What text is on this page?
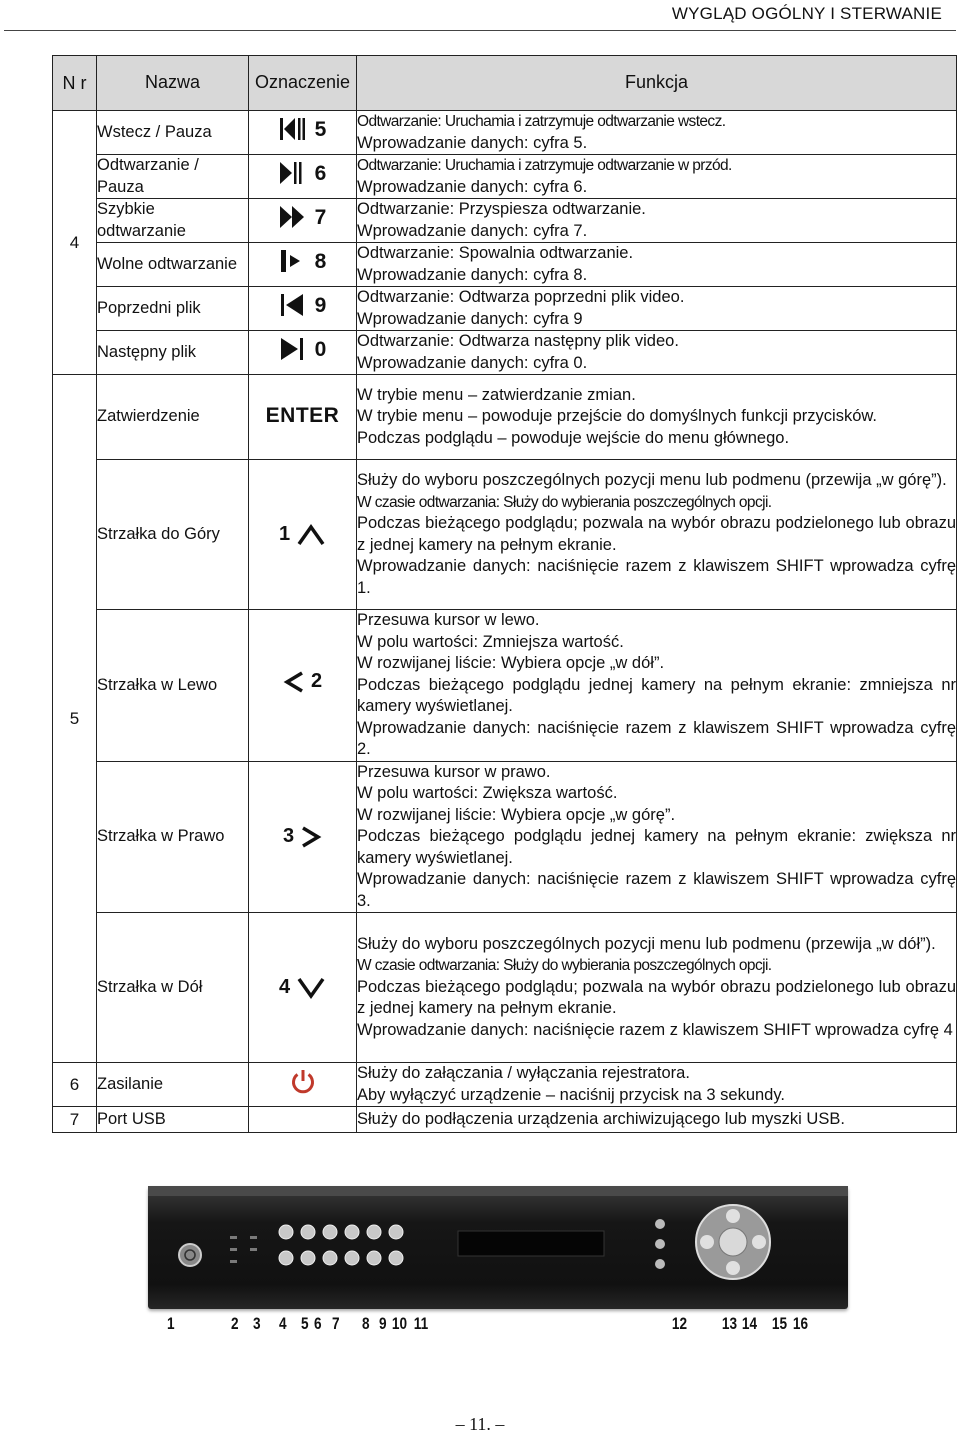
WYGLĄD OGÓLNY I STERWANIE
N r	Nazwa	Oznaczenie	Funkcja
4	Wstecz / Pauza	5	Odtwarzanie: Uruchamia i zatrzymuje odtwarzanie wstecz.
Wprowadzanie danych: cyfra 5.

	Odtwarzanie / Pauza	6	Odtwarzanie: Uruchamia i zatrzymuje odtwarzanie w przód.
Wprowadzanie danych: cyfra 6.

	Szybkie odtwarzanie	7	Odtwarzanie: Przyspiesza odtwarzanie.
Wprowadzanie danych: cyfra 7.

	Wolne odtwarzanie	8	Odtwarzanie: Spowalnia odtwarzanie.
Wprowadzanie danych: cyfra 8.

	Poprzedni plik	9	Odtwarzanie: Odtwarza poprzedni plik video.
Wprowadzanie danych: cyfra 9

	Następny plik	0	Odtwarzanie: Odtwarza następny plik video.
Wprowadzanie danych: cyfra 0.

5	Zatwierdzenie	ENTER	W trybie menu – zatwierdzanie zmian.
W trybie menu – powoduje przejście do domyślnych funkcji przycisków.
Podczas podglądu – powoduje wejście do menu głównego.

	Strzałka do Góry	1	Służy do wyboru poszczególnych pozycji menu lub podmenu (przewija „w górę”).
W czasie odtwarzania: Służy do wybierania poszczególnych opcji.
Podczas bieżącego podglądu; pozwala na wybór obrazu podzielonego lub obrazu z jednej kamery na pełnym ekranie.
Wprowadzanie danych: naciśnięcie razem z klawiszem SHIFT wprowadza cyfrę 1.

	Strzałka w Lewo	2	Przesuwa kursor w lewo.
W polu wartości: Zmniejsza wartość.
W rozwijanej liście: Wybiera opcje „w dół”.
Podczas bieżącego podglądu jednej kamery na pełnym ekranie: zmniejsza nr kamery wyświetlanej.
Wprowadzanie danych: naciśnięcie razem z klawiszem SHIFT wprowadza cyfrę 2.

	Strzałka w Prawo	3	Przesuwa kursor w prawo.
W polu wartości: Zwiększa wartość.
W rozwijanej liście: Wybiera opcje „w górę”.
Podczas bieżącego podglądu jednej kamery na pełnym ekranie: zwiększa nr kamery wyświetlanej.
Wprowadzanie danych: naciśnięcie razem z klawiszem SHIFT wprowadza cyfrę 3.

	Strzałka w Dół	4	Służy do wyboru poszczególnych pozycji menu lub podmenu (przewija „w dół”).
W czasie odtwarzania: Służy do wybierania poszczególnych opcji.
Podczas bieżącego podglądu; pozwala na wybór obrazu podzielonego lub obrazu z jednej kamery na pełnym ekranie.
Wprowadzanie danych: naciśnięcie razem z klawiszem SHIFT wprowadza cyfrę 4

6	Zasilanie		Służy do załączania / wyłączania rejestratora.
Aby wyłączyć urządzenie – naciśnij przycisk na 3 sekundy.

7	Port USB		Służy do podłączenia urządzenia archiwizującego lub myszki USB.
1	2 3 4 5 6 7 8 9 10 11	12 13 14 15 16
– 11. –
